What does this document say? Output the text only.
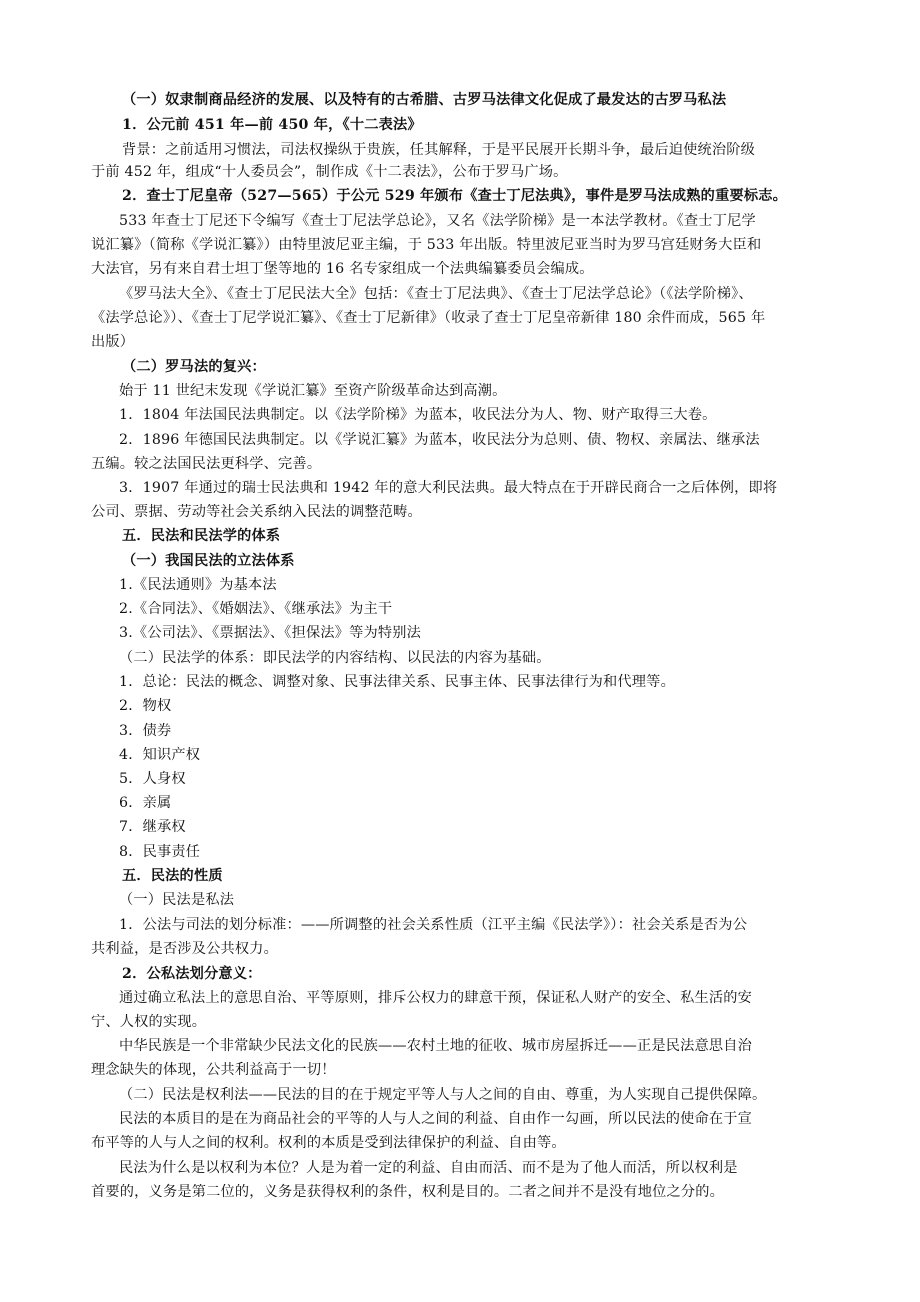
（一）奴隶制商品经济的发展、以及特有的古希腊、古罗马法律文化促成了最发达的古罗马私法
1．公元前 451 年—前 450 年，《十二表法》
背景：之前适用习惯法，司法权操纵于贵族，任其解释，于是平民展开长期斗争，最后迫使统治阶级
于前 452 年，组成“十人委员会”，制作成《十二表法》，公布于罗马广场。
2．查士丁尼皇帝（527—565）于公元 529 年颁布《查士丁尼法典》，事件是罗马法成熟的重要标志。
533 年查士丁尼还下令编写《查士丁尼法学总论》，又名《法学阶梯》是一本法学教材。《查士丁尼学
说汇纂》（简称《学说汇纂》）由特里波尼亚主编，于 533 年出版。特里波尼亚当时为罗马宫廷财务大臣和
大法官，另有来自君士坦丁堡等地的 16 名专家组成一个法典编纂委员会编成。
《罗马法大全》、《查士丁尼民法大全》包括：《查士丁尼法典》、《查士丁尼法学总论》（《法学阶梯》、
《法学总论》）、《查士丁尼学说汇纂》、《查士丁尼新律》（收录了查士丁尼皇帝新律 180 余件而成，565 年
出版）
（二）罗马法的复兴：
始于 11 世纪末发现《学说汇纂》至资产阶级革命达到高潮。
1．1804 年法国民法典制定。以《法学阶梯》为蓝本，收民法分为人、物、财产取得三大卷。
2．1896 年德国民法典制定。以《学说汇纂》为蓝本，收民法分为总则、债、物权、亲属法、继承法
五编。较之法国民法更科学、完善。
3．1907 年通过的瑞士民法典和 1942 年的意大利民法典。最大特点在于开辟民商合一之后体例，即将
公司、票据、劳动等社会关系纳入民法的调整范畴。
五．民法和民法学的体系
（一）我国民法的立法体系
1.《民法通则》为基本法
2.《合同法》、《婚姻法》、《继承法》为主干
3.《公司法》、《票据法》、《担保法》等为特别法
（二）民法学的体系：即民法学的内容结构、以民法的内容为基础。
1．总论：民法的概念、调整对象、民事法律关系、民事主体、民事法律行为和代理等。
2．物权
3．债券
4．知识产权
5．人身权
6．亲属
7．继承权
8．民事责任
五．民法的性质
（一）民法是私法
1．公法与司法的划分标准：——所调整的社会关系性质（江平主编《民法学》）：社会关系是否为公
共利益，是否涉及公共权力。
2．公私法划分意义：
通过确立私法上的意思自治、平等原则，排斥公权力的肆意干预，保证私人财产的安全、私生活的安
宁、人权的实现。
中华民族是一个非常缺少民法文化的民族——农村土地的征收、城市房屋拆迁——正是民法意思自治
理念缺失的体现，公共利益高于一切！
（二）民法是权利法——民法的目的在于规定平等人与人之间的自由、尊重，为人实现自己提供保障。
民法的本质目的是在为商品社会的平等的人与人之间的利益、自由作一勾画，所以民法的使命在于宣
布平等的人与人之间的权利。权利的本质是受到法律保护的利益、自由等。
民法为什么是以权利为本位？人是为着一定的利益、自由而活、而不是为了他人而活，所以权利是
首要的，义务是第二位的，义务是获得权利的条件，权利是目的。二者之间并不是没有地位之分的。
